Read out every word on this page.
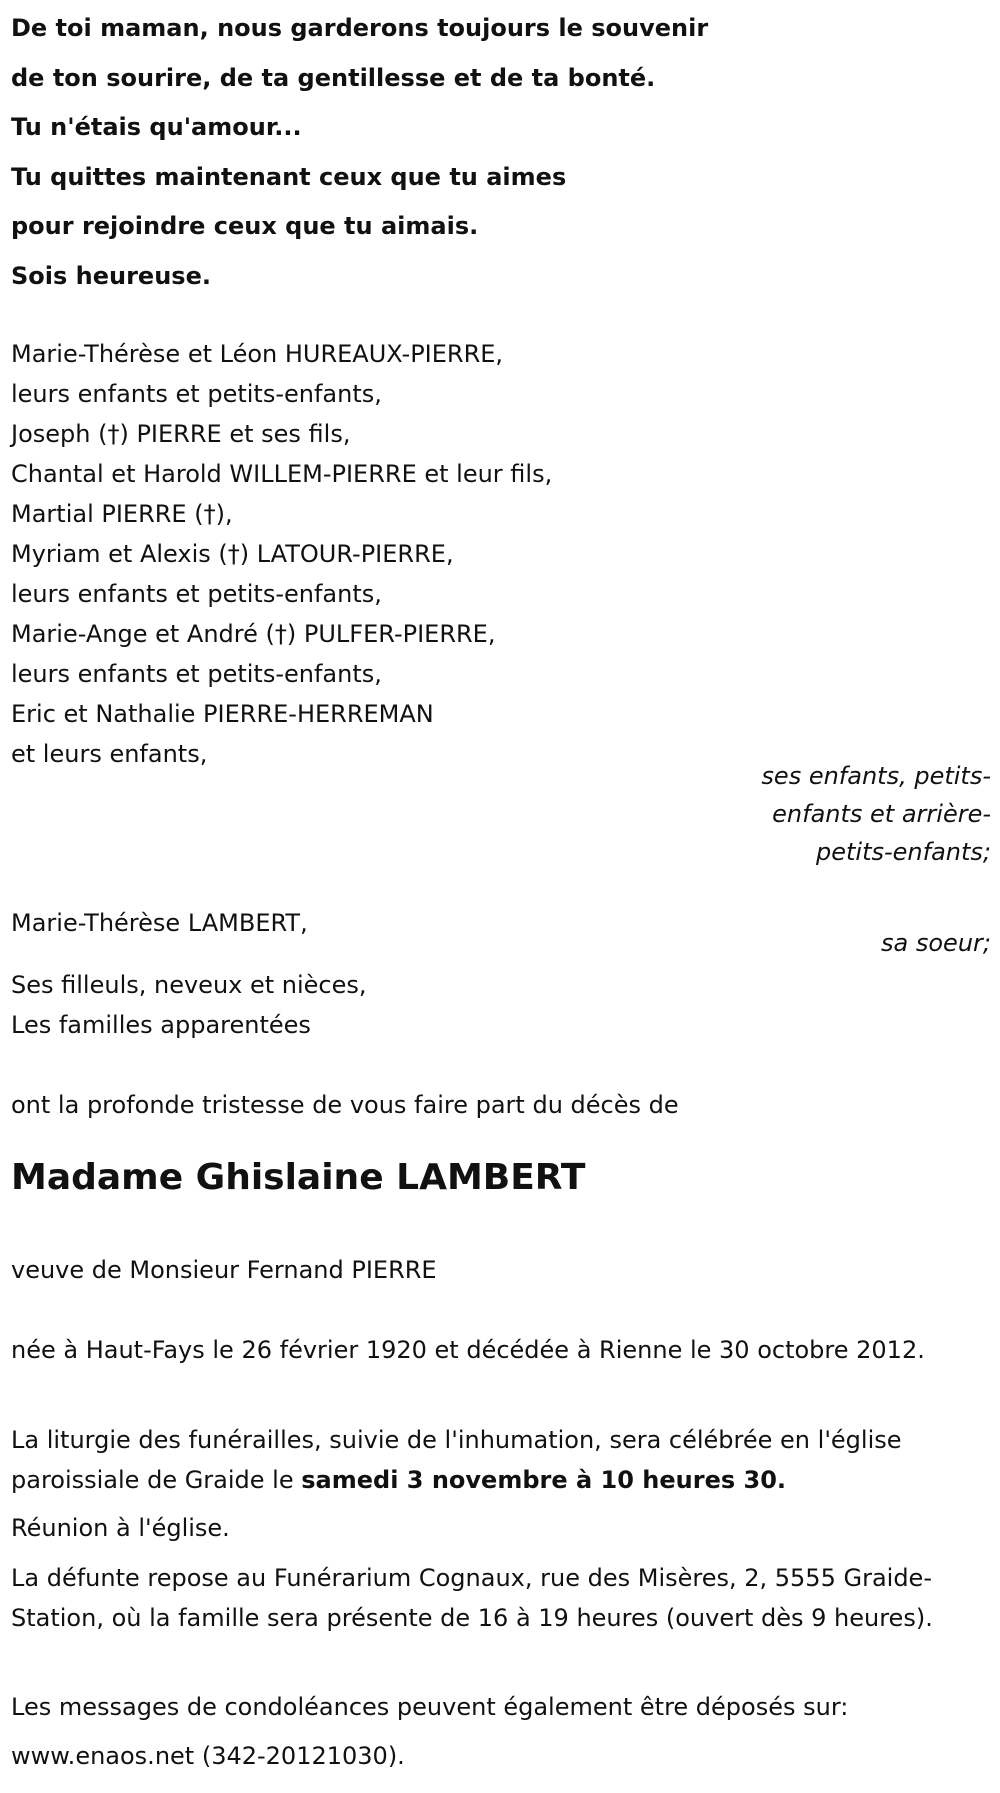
De toi maman, nous garderons toujours le souvenir

de ton sourire, de ta gentillesse et de ta bonté.

Tu n'étais qu'amour...

Tu quittes maintenant ceux que tu aimes

pour rejoindre ceux que tu aimais.

Sois heureuse.

Marie-Thérèse et Léon HUREAUX-PIERRE,

leurs enfants et petits-enfants,

Joseph (†) PIERRE et ses fils,

Chantal et Harold WILLEM-PIERRE et leur fils,

Martial PIERRE (†),

Myriam et Alexis (†) LATOUR-PIERRE,

leurs enfants et petits-enfants,

Marie-Ange et André (†) PULFER-PIERRE,

leurs enfants et petits-enfants,

Eric et Nathalie PIERRE-HERREMAN

et leurs enfants,

ses enfants, petits-enfants et arrière-petits-enfants;

Marie-Thérèse LAMBERT,

sa soeur;

Ses filleuls, neveux et nièces,

Les familles apparentées

ont la profonde tristesse de vous faire part du décès de

Madame Ghislaine LAMBERT

veuve de Monsieur Fernand PIERRE

née à Haut-Fays le 26 février 1920 et décédée à Rienne le 30 octobre 2012.

La liturgie des funérailles, suivie de l'inhumation, sera célébrée en l'église paroissiale de Graide le samedi 3 novembre à 10 heures 30.

Réunion à l'église.

La défunte repose au Funérarium Cognaux, rue des Misères, 2, 5555 Graide-Station, où la famille sera présente de 16 à 19 heures (ouvert dès 9 heures).

Les messages de condoléances peuvent également être déposés sur:

www.enaos.net (342-20121030).
